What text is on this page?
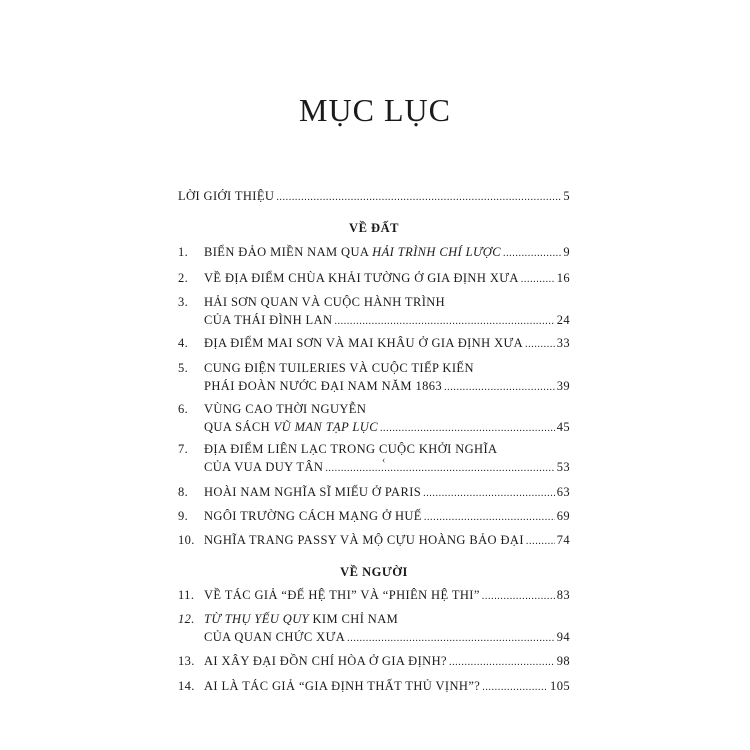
MỤC LỤC
LỜI GIỚI THIỆU .....	5
VỀ ĐẤT
1. BIỂN ĐẢO MIỀN NAM QUA HẢI TRÌNH CHÍ LƯỢC .....	9
2. VỀ ĐỊA ĐIỂM CHÙA KHẢI TƯỜNG Ở GIA ĐỊNH XƯA .....	16
3. HẢI SƠN QUAN VÀ CUỘC HÀNH TRÌNH
CỦA THÁI ĐÌNH LAN .....	24
4. ĐỊA ĐIỂM MAI SƠN VÀ MAI KHÂU Ở GIA ĐỊNH XƯA .....	33
5. CUNG ĐIỆN TUILERIES VÀ CUỘC TIẾP KIẾN
PHÁI ĐOÀN NƯỚC ĐẠI NAM NĂM 1863 .....	39
6. VÙNG CAO THỜI NGUYỄN
QUA SÁCH VŨ MAN TẠP LỤC .....	45
7. ĐỊA ĐIỂM LIÊN LẠC TRONG CUỘC KHỞI NGHĨA
CỦA VUA DUY TÂN .....	53
‹
8. HOÀI NAM NGHĨA SĨ MIẾU Ở PARIS .....	63
9. NGÔI TRƯỜNG CÁCH MẠNG Ở HUẾ .....	69
10. NGHĨA TRANG PASSY VÀ MỘ CỰU HOÀNG BẢO ĐẠI .....	74
VỀ NGƯỜI
11. VỀ TÁC GIẢ “ĐẾ HỆ THI” VÀ “PHIÊN HỆ THI” .....	83
12. TỪ THỤ YẾU QUY KIM CHỈ NAM
CỦA QUAN CHỨC XƯA .....	94
13. AI XÂY ĐẠI ĐỒN CHÍ HÒA Ở GIA ĐỊNH? .....	98
14. AI LÀ TÁC GIẢ “GIA ĐỊNH THẤT THỦ VỊNH”? .....	105
